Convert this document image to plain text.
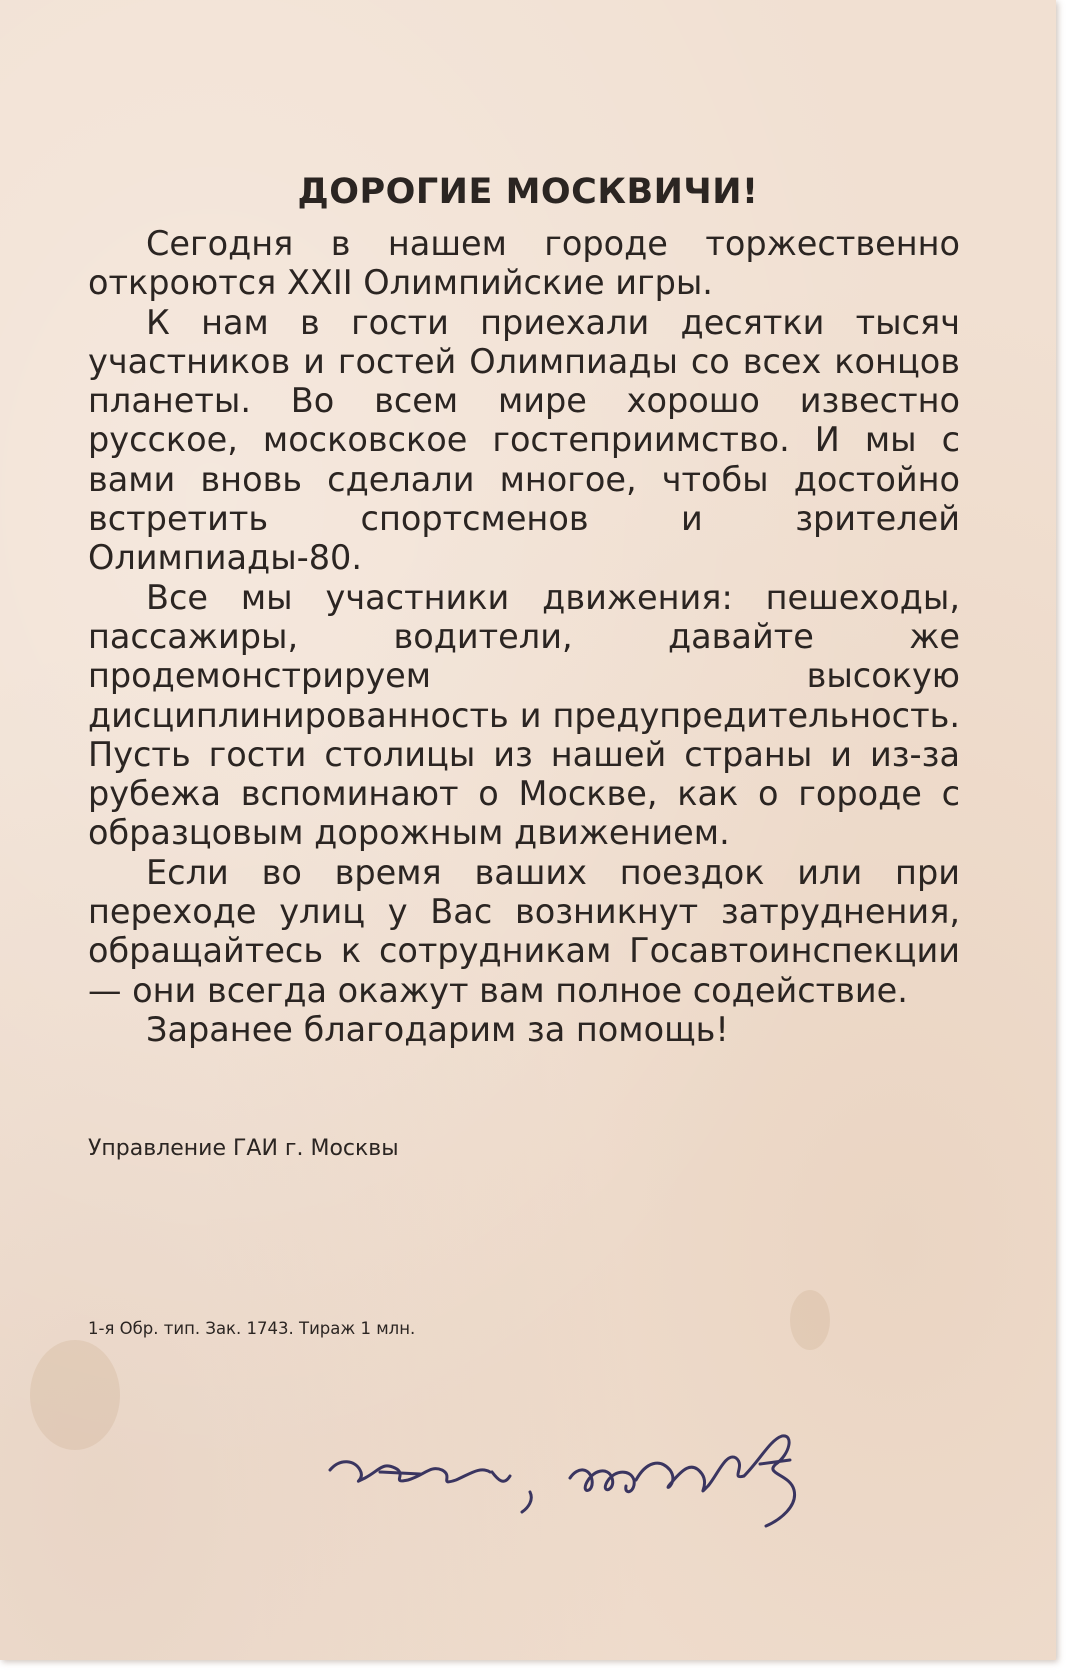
ДОРОГИЕ МОСКВИЧИ!

Сегодня в нашем городе торжественно откроются XXII Олимпийские игры.

К нам в гости приехали десятки тысяч участников и гостей Олимпиады со всех концов планеты. Во всем мире хорошо известно русское, московское гостеприимство. И мы с вами вновь сделали многое, чтобы достойно встретить спортсменов и зрителей Олимпиады-80.

Все мы участники движения: пешеходы, пассажиры, водители, давайте же продемонстрируем высокую дисциплинированность и предупредительность. Пусть гости столицы из нашей страны и из-за рубежа вспоминают о Москве, как о городе с образцовым дорожным движением.

Если во время ваших поездок или при переходе улиц у Вас возникнут затруднения, обращайтесь к сотрудникам Госавтоинспекции — они всегда окажут вам полное содействие.

Заранее благодарим за помощь!

Управление ГАИ г. Москвы
1-я Обр. тип. Зак. 1743. Тираж 1 млн.
